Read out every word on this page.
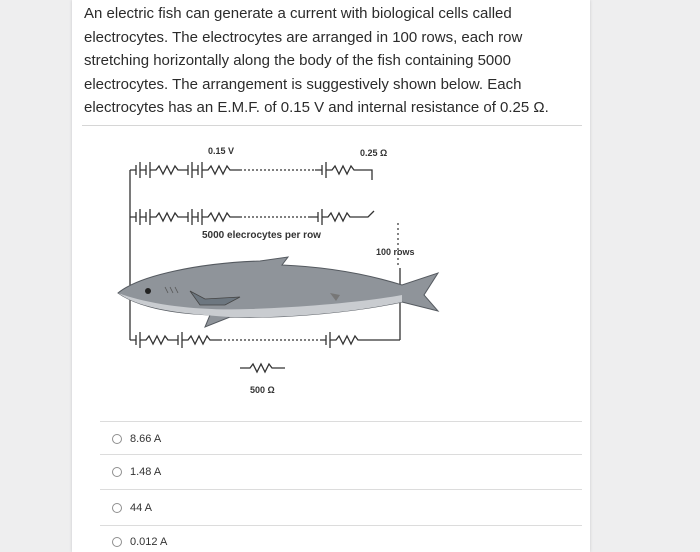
An electric fish can generate a current with biological cells called

electrocytes. The electrocytes are arranged in 100 rows, each row

stretching horizontally along the body of the fish containing 5000

electrocytes. The arrangement is suggestively shown below. Each

electrocytes has an E.M.F. of 0.15 V and internal resistance of 0.25 Ω.

0.15 V	0.25 Ω
5000 elecrocytes per row
100 rows
500 Ω
8.66 A
1.48 A
44 A
0.012 A
